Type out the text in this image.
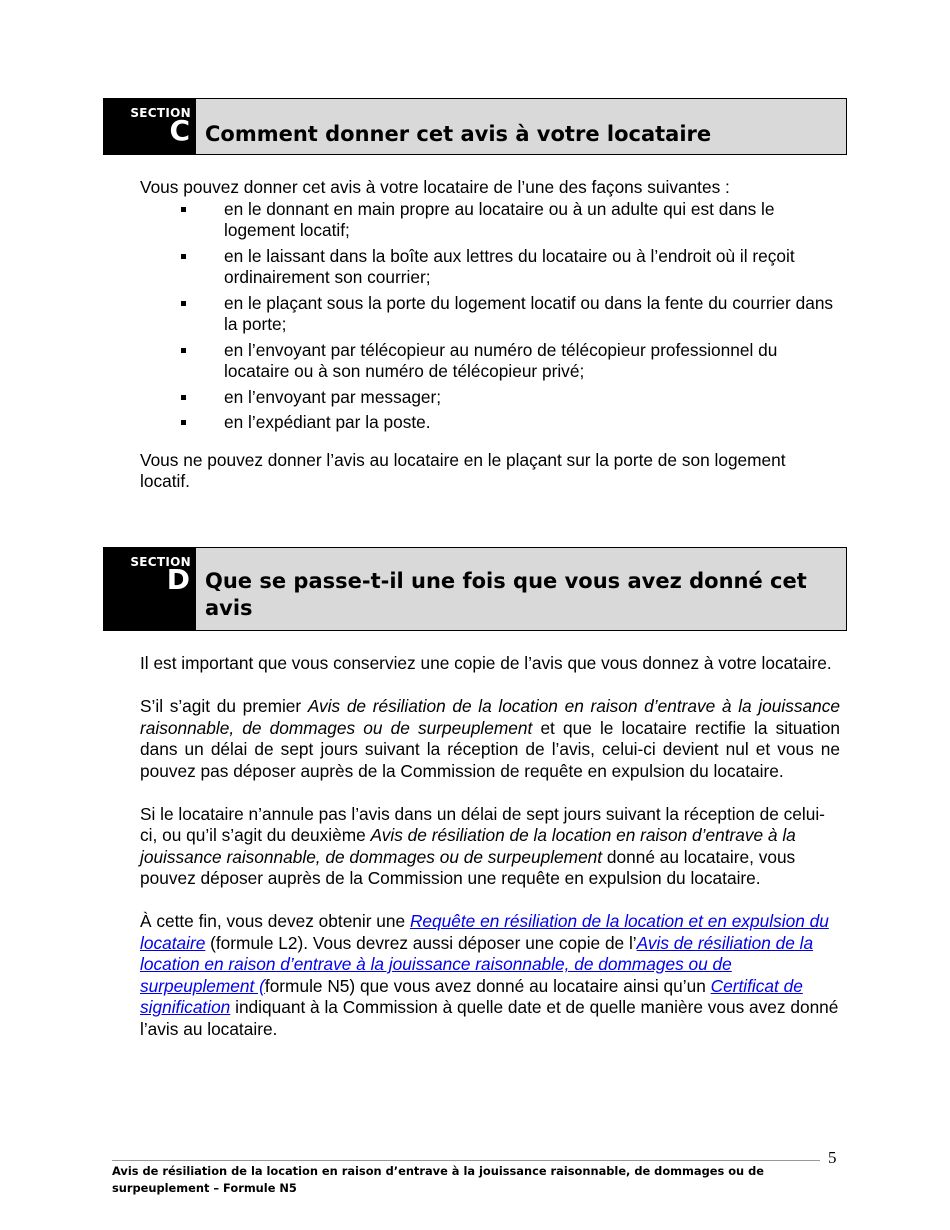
SECTION
C Comment donner cet avis à votre locataire

Vous pouvez donner cet avis à votre locataire de l’une des façons suivantes :

en le donnant en main propre au locataire ou à un adulte qui est dans le logement locatif;
en le laissant dans la boîte aux lettres du locataire ou à l’endroit où il reçoit ordinairement son courrier;
en le plaçant sous la porte du logement locatif ou dans la fente du courrier dans la porte;
en l’envoyant par télécopieur au numéro de télécopieur professionnel du locataire ou à son numéro de télécopieur privé;
en l’envoyant par messager;
en l’expédiant par la poste.

Vous ne pouvez donner l’avis au locataire en le plaçant sur la porte de son logement locatif.

SECTION
D Que se passe-t-il une fois que vous avez donné cet avis

Il est important que vous conserviez une copie de l’avis que vous donnez à votre locataire.

S’il s’agit du premier Avis de résiliation de la location en raison d’entrave à la jouissance raisonnable, de dommages ou de surpeuplement et que le locataire rectifie la situation dans un délai de sept jours suivant la réception de l’avis, celui-ci devient nul et vous ne pouvez pas déposer auprès de la Commission de requête en expulsion du locataire.

Si le locataire n’annule pas l’avis dans un délai de sept jours suivant la réception de celui-ci, ou qu’il s’agit du deuxième Avis de résiliation de la location en raison d’entrave à la jouissance raisonnable, de dommages ou de surpeuplement donné au locataire, vous pouvez déposer auprès de la Commission une requête en expulsion du locataire.

À cette fin, vous devez obtenir une Requête en résiliation de la location et en expulsion du locataire (formule L2). Vous devrez aussi déposer une copie de l’Avis de résiliation de la location en raison d’entrave à la jouissance raisonnable, de dommages ou de surpeuplement (formule N5) que vous avez donné au locataire ainsi qu’un Certificat de signification indiquant à la Commission à quelle date et de quelle manière vous avez donné l’avis au locataire.

5
Avis de résiliation de la location en raison d’entrave à la jouissance raisonnable, de dommages ou de surpeuplement – Formule N5
